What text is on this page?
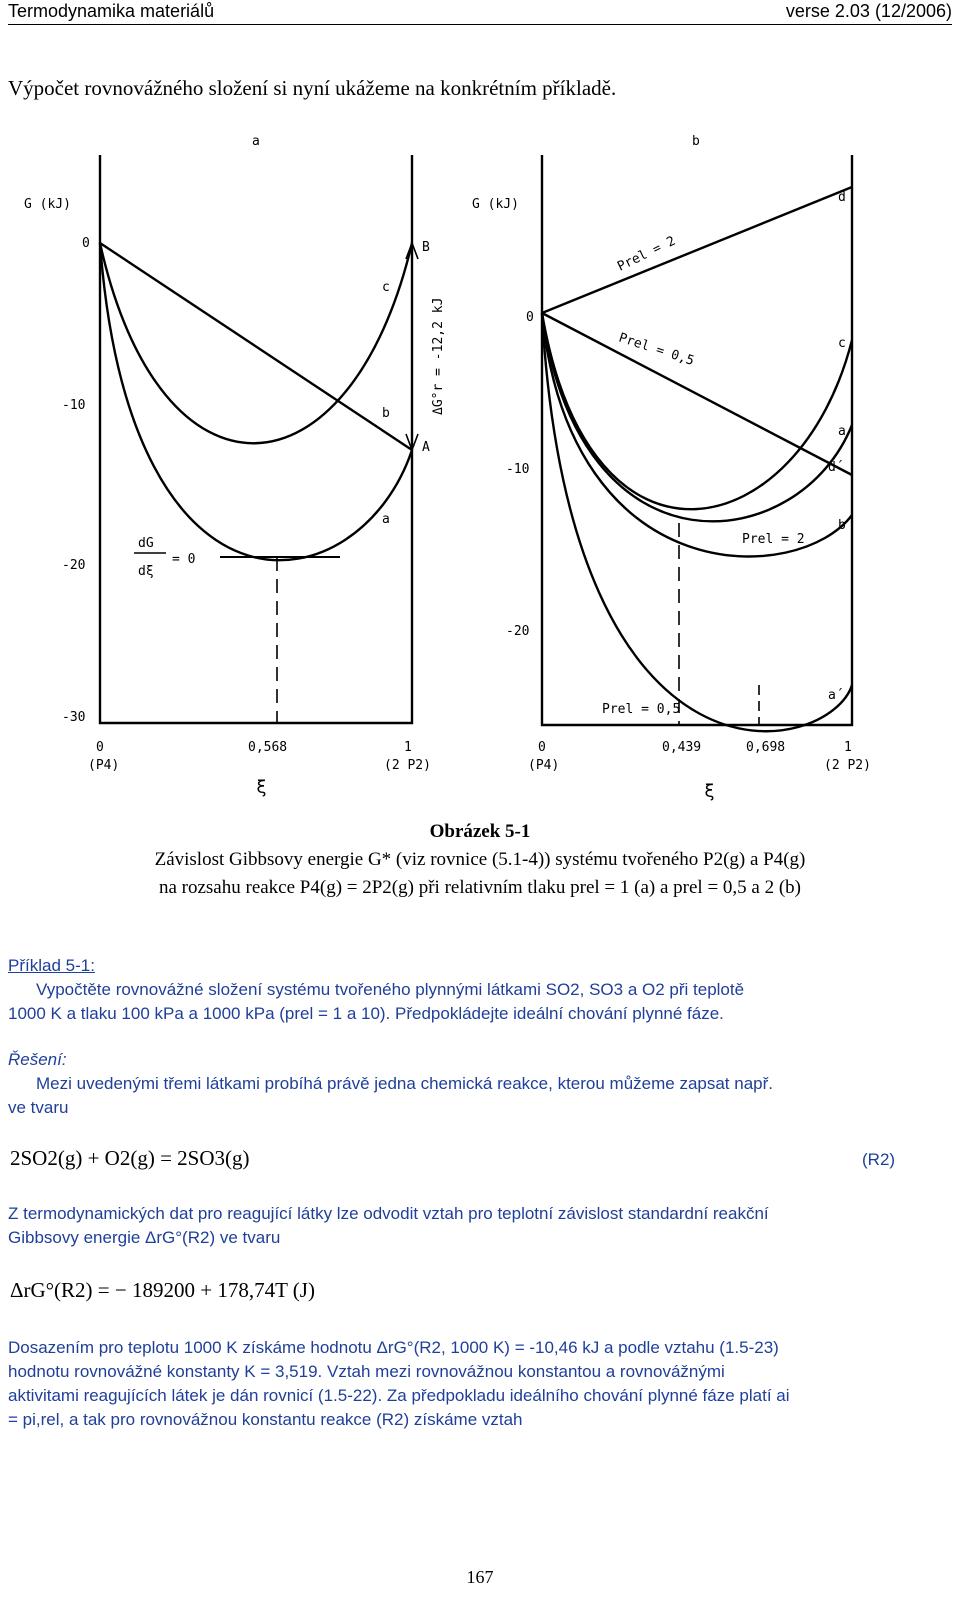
Termodynamika materiálů	verse 2.03 (12/2006)
Výpočet rovnovážného složení si nyní ukážeme na konkrétním příkladě.
a
G (kJ)
0
-10
-20
-30
0
(P4)
0,568	1
(2 P2)
ξ
B
A
c
b
a
dG
dξ
= 0
ΔG°r = -12,2 kJ
b
G (kJ)
0
-10
-20
0
(P4)
0,439	0,698	1
(2 P2)
ξ
d
c
a
d´
b
a´
Prel = 2
Prel = 0,5
Prel = 2
Prel = 0,5
Obrázek 5-1
Závislost Gibbsovy energie G* (viz rovnice (5.1-4)) systému tvořeného P2(g) a P4(g)
na rozsahu reakce P4(g) = 2P2(g) při relativním tlaku prel = 1 (a) a prel = 0,5 a 2 (b)
Příklad 5-1:
Vypočtěte rovnovážné složení systému tvořeného plynnými látkami SO2, SO3 a O2 při teplotě
1000 K a tlaku 100 kPa a 1000 kPa (prel = 1 a 10). Předpokládejte ideální chování plynné fáze.
Řešení:
Mezi uvedenými třemi látkami probíhá právě jedna chemická reakce, kterou můžeme zapsat např.
ve tvaru
2SO2(g) + O2(g) = 2SO3(g)	(R2)
Z termodynamických dat pro reagující látky lze odvodit vztah pro teplotní závislost standardní reakční
Gibbsovy energie ΔrG°(R2) ve tvaru
ΔrG°(R2) = − 189200 + 178,74T (J)
Dosazením pro teplotu 1000 K získáme hodnotu ΔrG°(R2, 1000 K) = -10,46 kJ a podle vztahu (1.5-23)
hodnotu rovnovážné konstanty K = 3,519. Vztah mezi rovnovážnou konstantou a rovnovážnými
aktivitami reagujících látek je dán rovnicí (1.5-22). Za předpokladu ideálního chování plynné fáze platí ai
= pi,rel, a tak pro rovnovážnou konstantu reakce (R2) získáme vztah
167
